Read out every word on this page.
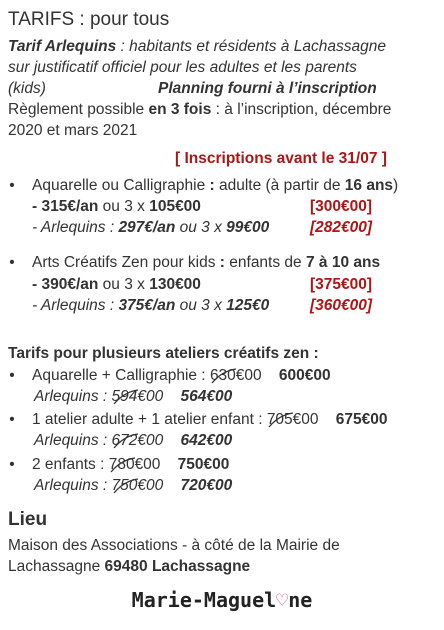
TARIFS : pour tous
Tarif Arlequins : habitants et résidents à Lachassagne
sur justificatif officiel pour les adultes et les parents
(kids)	Planning fourni à l’inscription
Règlement possible en 3 fois : à l’inscription, décembre
2020 et mars 2021
[ Inscriptions avant le 31/07 ]
• Aquarelle ou Calligraphie : adulte (à partir de 16 ans)
- 315€/an ou 3 x 105€00	[300€00]
- Arlequins : 297€/an ou 3 x 99€00	[282€00]
• Arts Créatifs Zen pour kids : enfants de 7 à 10 ans
- 390€/an ou 3 x 130€00	[375€00]
- Arlequins : 375€/an ou 3 x 125€0	[360€00]
Tarifs pour plusieurs ateliers créatifs zen :
• Aquarelle + Calligraphie : 630€00 600€00
Arlequins : 594€00 564€00
• 1 atelier adulte + 1 atelier enfant : 705€00 675€00
Arlequins : 672€00 642€00
• 2 enfants : 780€00 750€00
Arlequins : 750€00 720€00
Lieu
Maison des Associations - à côté de la Mairie de
Lachassagne 69480 Lachassagne
Marie-Maguel♡ne
